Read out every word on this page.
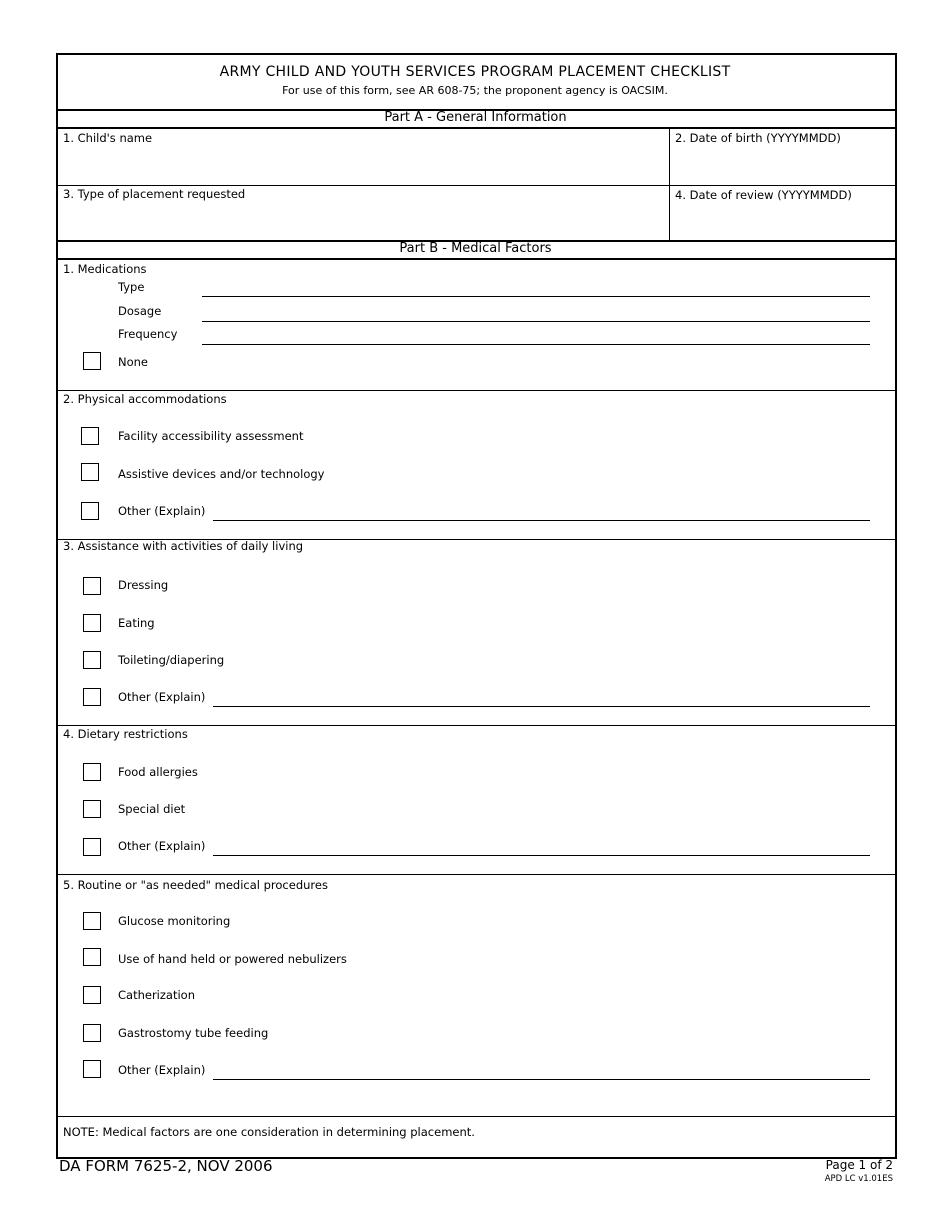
ARMY CHILD AND YOUTH SERVICES PROGRAM PLACEMENT CHECKLIST
For use of this form, see AR 608-75; the proponent agency is OACSIM.
Part A - General Information
1. Child's name	2. Date of birth (YYYYMMDD)
3. Type of placement requested	4. Date of review (YYYYMMDD)
Part B - Medical Factors
1. Medications
Type
Dosage
Frequency
None
2. Physical accommodations
Facility accessibility assessment
Assistive devices and/or technology
Other (Explain)
3. Assistance with activities of daily living
Dressing
Eating
Toileting/diapering
Other (Explain)
4. Dietary restrictions
Food allergies
Special diet
Other (Explain)
5. Routine or "as needed" medical procedures
Glucose monitoring
Use of hand held or powered nebulizers
Catherization
Gastrostomy tube feeding
Other (Explain)
NOTE: Medical factors are one consideration in determining placement.
DA FORM 7625-2, NOV 2006	Page 1 of 2
APD LC v1.01ES
